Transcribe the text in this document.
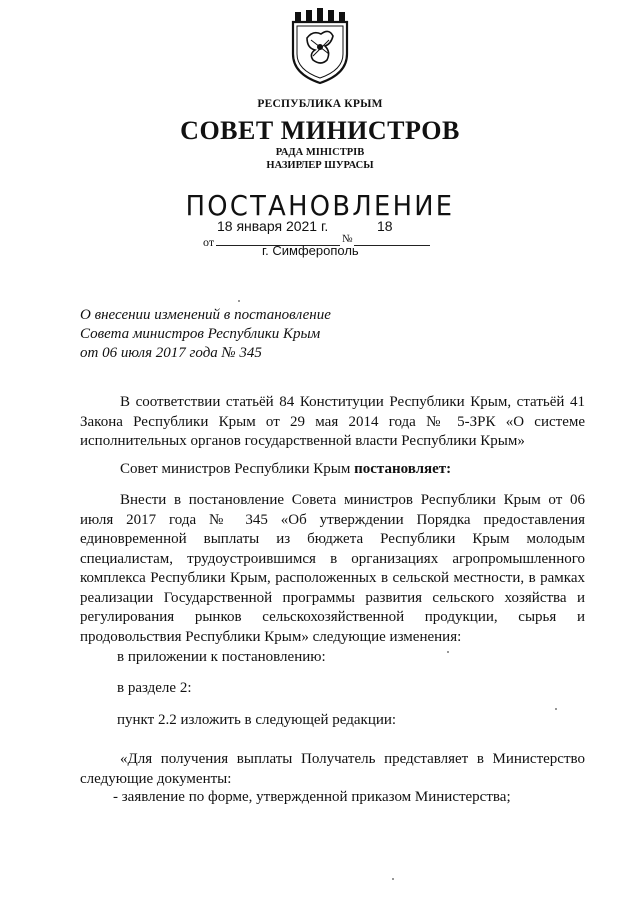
РЕСПУБЛИКА КРЫМ
СОВЕТ МИНИСТРОВ
РАДА МІНІСТРІВ
НАЗИРЛЕР ШУРАСЫ
ПОСТАНОВЛЕНИЕ
от
18 января 2021 г.
№
18
г. Симферополь
О внесении изменений в постановление
Совета министров Республики Крым
от 06 июля 2017 года № 345
В соответствии статьёй 84 Конституции Республики Крым, статьёй 41 Закона Республики Крым от 29 мая 2014 года № 5-ЗРК «О системе исполнительных органов государственной власти Республики Крым»
Совет министров Республики Крым постановляет:
Внести в постановление Совета министров Республики Крым от 06 июля 2017 года № 345 «Об утверждении Порядка предоставления единовременной выплаты из бюджета Республики Крым молодым специалистам, трудоустроившимся в организациях агропромышленного комплекса Республики Крым, расположенных в сельской местности, в рамках реализации Государственной программы развития сельского хозяйства и регулирования рынков сельскохозяйственной продукции, сырья и продовольствия Республики Крым» следующие изменения:
в приложении к постановлению:
в разделе 2:
пункт 2.2 изложить в следующей редакции:
«Для получения выплаты Получатель представляет в Министерство следующие документы:
- заявление по форме, утвержденной приказом Министерства;
